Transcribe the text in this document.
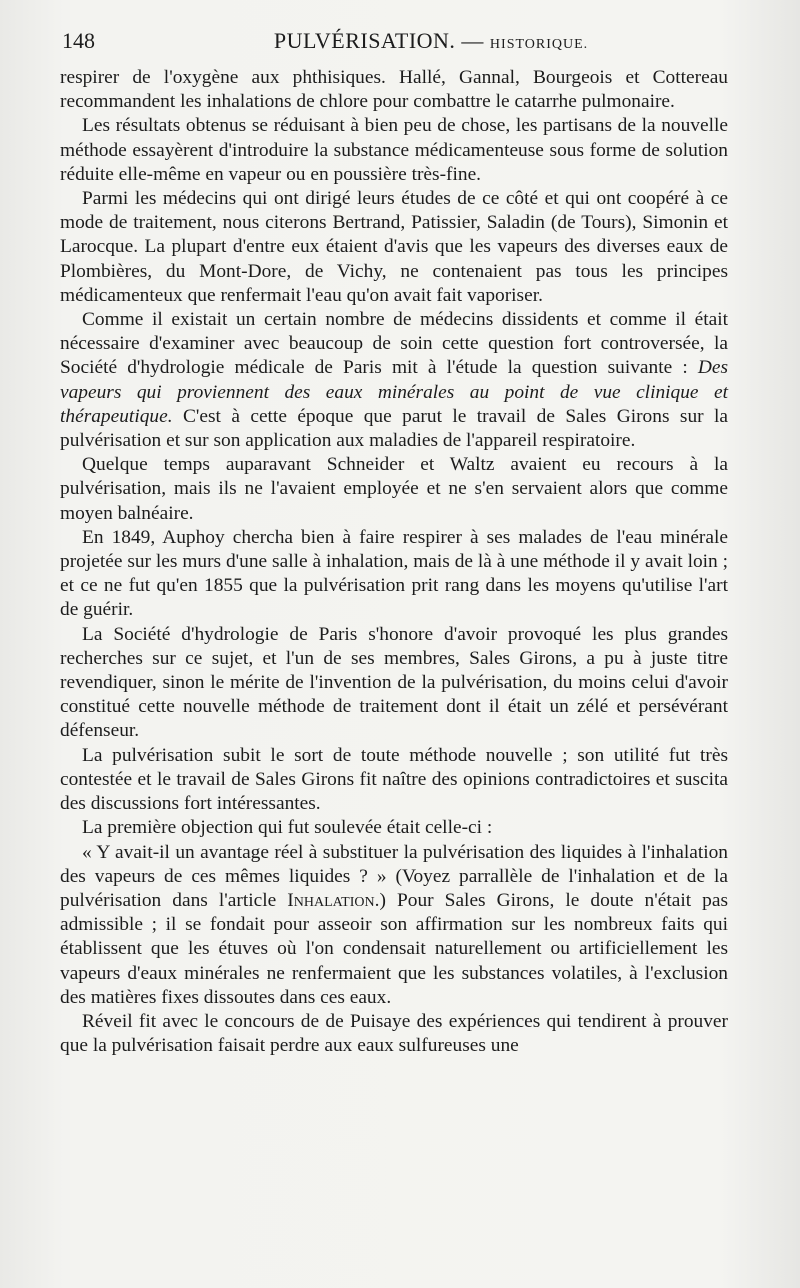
148	PULVÉRISATION. — HISTORIQUE.

respirer de l'oxygène aux phthisiques. Hallé, Gannal, Bourgeois et Cottereau recommandent les inhalations de chlore pour combattre le catarrhe pulmonaire.

Les résultats obtenus se réduisant à bien peu de chose, les partisans de la nouvelle méthode essayèrent d'introduire la substance médicamenteuse sous forme de solution réduite elle-même en vapeur ou en poussière très-fine.

Parmi les médecins qui ont dirigé leurs études de ce côté et qui ont coopéré à ce mode de traitement, nous citerons Bertrand, Patissier, Saladin (de Tours), Simonin et Larocque. La plupart d'entre eux étaient d'avis que les vapeurs des diverses eaux de Plombières, du Mont-Dore, de Vichy, ne contenaient pas tous les principes médicamenteux que renfermait l'eau qu'on avait fait vaporiser.

Comme il existait un certain nombre de médecins dissidents et comme il était nécessaire d'examiner avec beaucoup de soin cette question fort controversée, la Société d'hydrologie médicale de Paris mit à l'étude la question suivante : Des vapeurs qui proviennent des eaux minérales au point de vue clinique et thérapeutique. C'est à cette époque que parut le travail de Sales Girons sur la pulvérisation et sur son application aux maladies de l'appareil respiratoire.

Quelque temps auparavant Schneider et Waltz avaient eu recours à la pulvérisation, mais ils ne l'avaient employée et ne s'en servaient alors que comme moyen balnéaire.

En 1849, Auphoy chercha bien à faire respirer à ses malades de l'eau minérale projetée sur les murs d'une salle à inhalation, mais de là à une méthode il y avait loin ; et ce ne fut qu'en 1855 que la pulvérisation prit rang dans les moyens qu'utilise l'art de guérir.

La Société d'hydrologie de Paris s'honore d'avoir provoqué les plus grandes recherches sur ce sujet, et l'un de ses membres, Sales Girons, a pu à juste titre revendiquer, sinon le mérite de l'invention de la pulvérisation, du moins celui d'avoir constitué cette nouvelle méthode de traitement dont il était un zélé et persévérant défenseur.

La pulvérisation subit le sort de toute méthode nouvelle ; son utilité fut très contestée et le travail de Sales Girons fit naître des opinions contradictoires et suscita des discussions fort intéressantes.

La première objection qui fut soulevée était celle-ci :

« Y avait-il un avantage réel à substituer la pulvérisation des liquides à l'inhalation des vapeurs de ces mêmes liquides ? » (Voyez parrallèle de l'inhalation et de la pulvérisation dans l'article Inhalation.) Pour Sales Girons, le doute n'était pas admissible ; il se fondait pour asseoir son affirmation sur les nombreux faits qui établissent que les étuves où l'on condensait naturellement ou artificiellement les vapeurs d'eaux minérales ne renfermaient que les substances volatiles, à l'exclusion des matières fixes dissoutes dans ces eaux.

Réveil fit avec le concours de de Puisaye des expériences qui tendirent à prouver que la pulvérisation faisait perdre aux eaux sulfureuses une
